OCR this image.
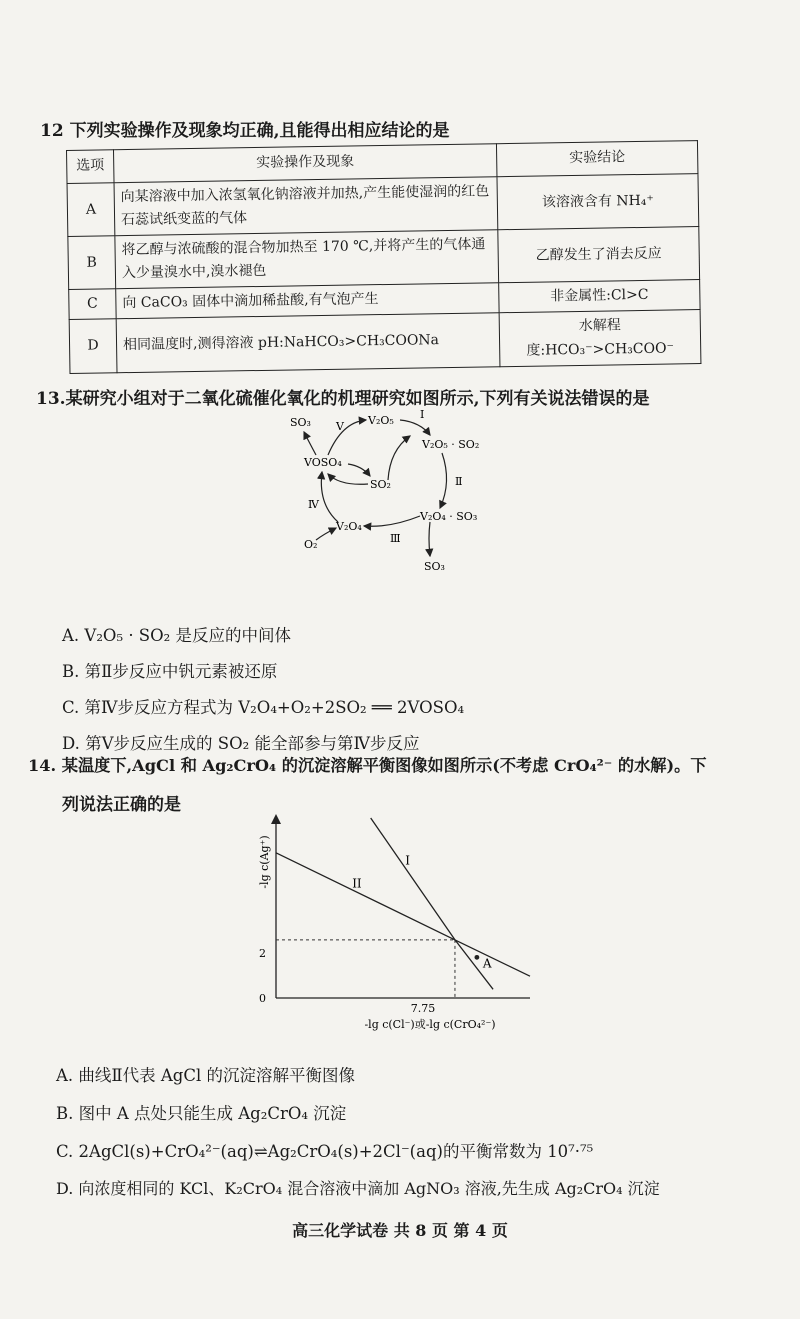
12 下列实验操作及现象均正确,且能得出相应结论的是
选项	实验操作及现象	实验结论
A	向某溶液中加入浓氢氧化钠溶液并加热,产生能使湿润的红色石蕊试纸变蓝的气体	该溶液含有 NH₄⁺
B	将乙醇与浓硫酸的混合物加热至 170 ℃,并将产生的气体通入少量溴水中,溴水褪色	乙醇发生了消去反应
C	向 CaCO₃ 固体中滴加稀盐酸,有气泡产生	非金属性:Cl>C
D	相同温度时,测得溶液 pH:NaHCO₃>CH₃COONa	水解程度:HCO₃⁻>CH₃COO⁻
13.某研究小组对于二氧化硫催化氧化的机理研究如图所示,下列有关说法错误的是
SO₃ V V₂O₅ I
V₂O₅ · SO₂
VOSO₄
SO₂	Ⅱ
Ⅳ
V₂O₄ · SO₃
V₂O₄
Ⅲ
O₂
SO₃
A. V₂O₅ · SO₂ 是反应的中间体
B. 第Ⅱ步反应中钒元素被还原
C. 第Ⅳ步反应方程式为 V₂O₄+O₂+2SO₂ ══ 2VOSO₄
D. 第Ⅴ步反应生成的 SO₂ 能全部参与第Ⅳ步反应
14. 某温度下,AgCl 和 Ag₂CrO₄ 的沉淀溶解平衡图像如图所示(不考虑 CrO₄²⁻ 的水解)。下
列说法正确的是
-lg c(Ag⁺)
-lg c(Cl⁻)或-lg c(CrO₄²⁻)
0
2
7.75
I
II
A
A. 曲线Ⅱ代表 AgCl 的沉淀溶解平衡图像
B. 图中 A 点处只能生成 Ag₂CrO₄ 沉淀
C. 2AgCl(s)+CrO₄²⁻(aq)⇌Ag₂CrO₄(s)+2Cl⁻(aq)的平衡常数为 10⁷·⁷⁵
D. 向浓度相同的 KCl、K₂CrO₄ 混合溶液中滴加 AgNO₃ 溶液,先生成 Ag₂CrO₄ 沉淀
高三化学试卷 共 8 页 第 4 页
